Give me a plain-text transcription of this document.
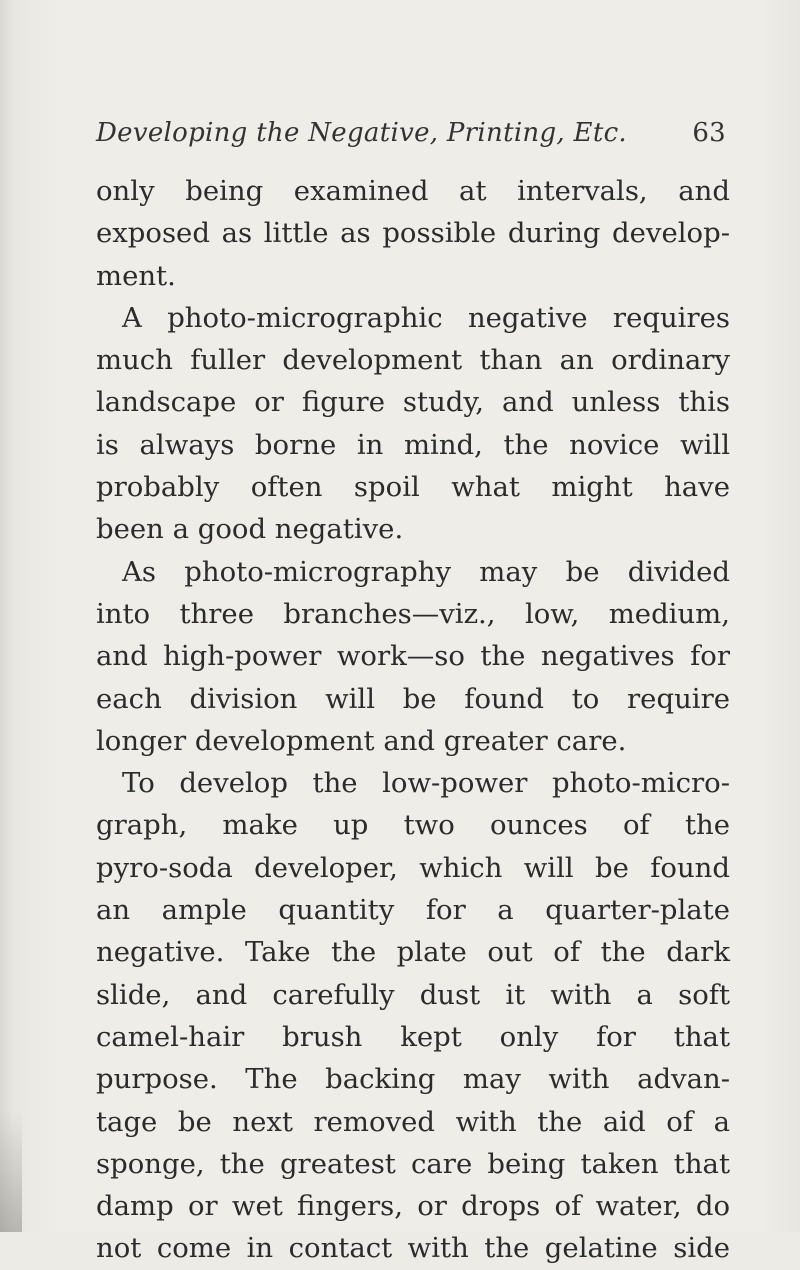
Developing the Negative, Printing, Etc.	63
only being examined at intervals, and
exposed as little as possible during develop-
ment.
A photo-micrographic negative requires
much fuller development than an ordinary
landscape or figure study, and unless this
is always borne in mind, the novice will
probably often spoil what might have
been a good negative.
As photo-micrography may be divided
into three branches—viz., low, medium,
and high-power work—so the negatives for
each division will be found to require
longer development and greater care.
To develop the low-power photo-micro-
graph, make up two ounces of the
pyro-soda developer, which will be found
an ample quantity for a quarter-plate
negative. Take the plate out of the dark
slide, and carefully dust it with a soft
camel-hair brush kept only for that
purpose. The backing may with advan-
tage be next removed with the aid of a
sponge, the greatest care being taken that
damp or wet fingers, or drops of water, do
not come in contact with the gelatine side
